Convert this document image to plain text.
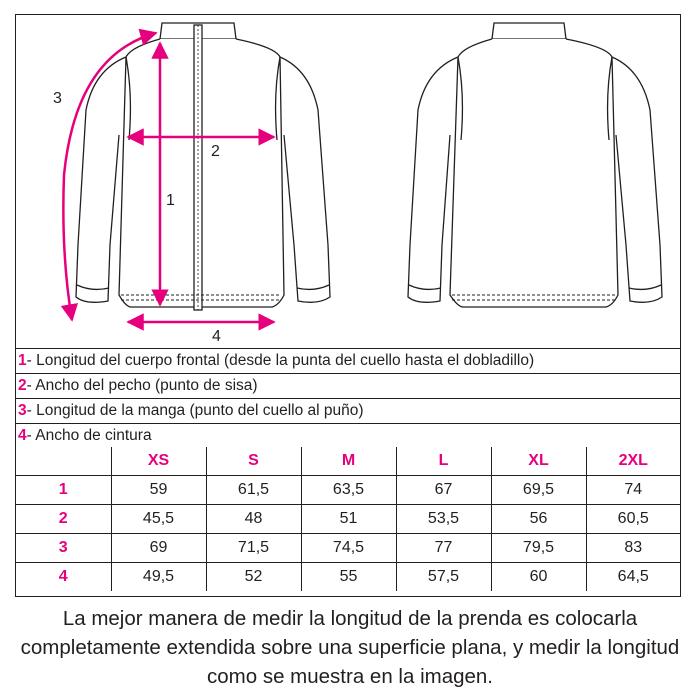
1
2
3
4
1- Longitud del cuerpo frontal (desde la punta del cuello hasta el dobladillo)
2- Ancho del pecho (punto de sisa)
3- Longitud de la manga (punto del cuello al puño)
4- Ancho de cintura
	XS	S	M	L	XL	2XL
1	59	61,5	63,5	67	69,5	74
2	45,5	48	51	53,5	56	60,5
3	69	71,5	74,5	77	79,5	83
4	49,5	52	55	57,5	60	64,5
La mejor manera de medir la longitud de la prenda es colocarla completamente extendida sobre una superficie plana, y medir la longitud como se muestra en la imagen.
